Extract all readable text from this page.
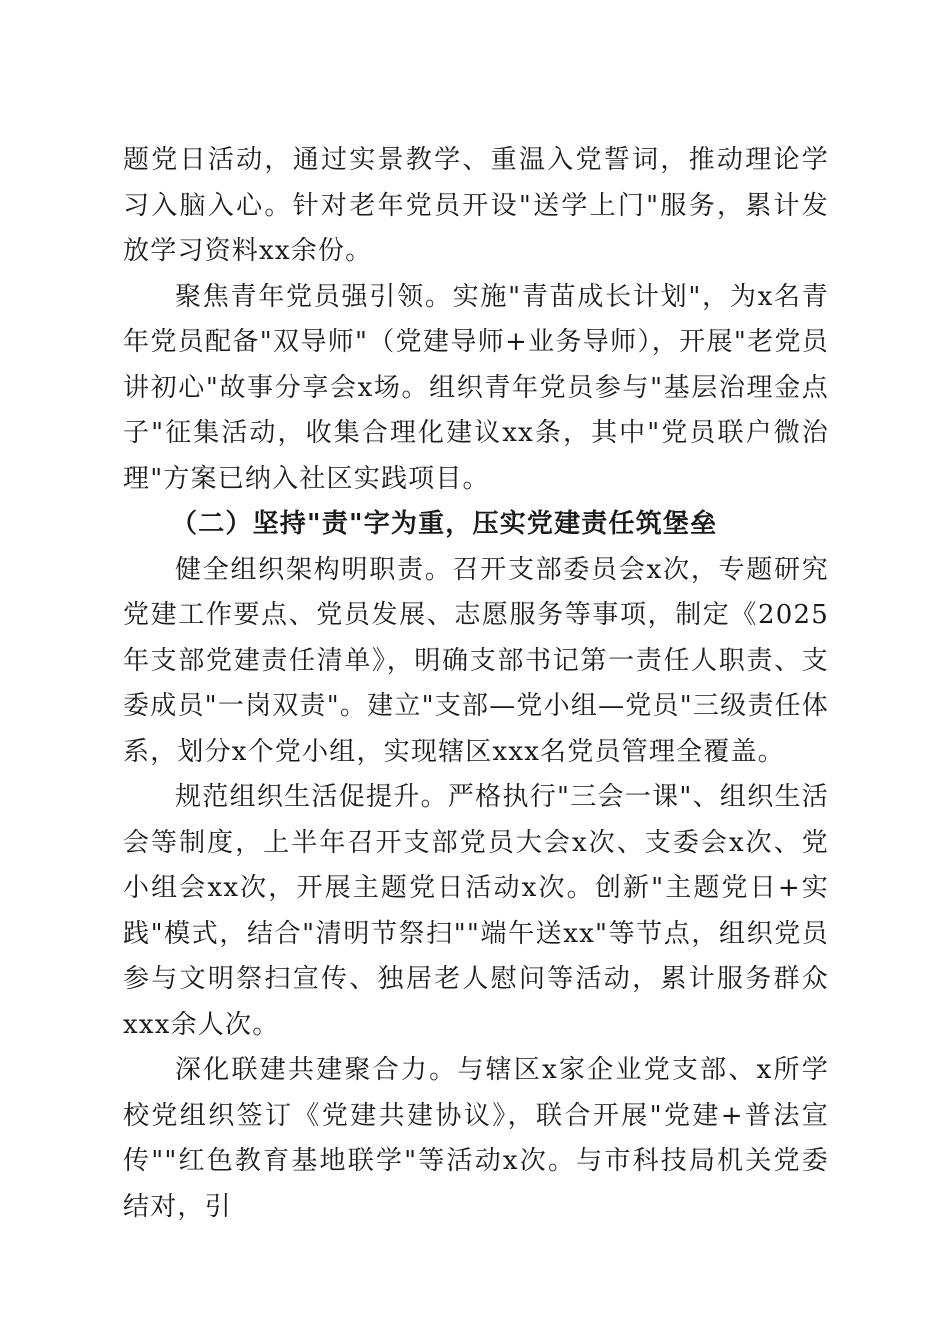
题党日活动，通过实景教学、重温入党誓词，推动理论学习入脑入心。针对老年党员开设"送学上门"服务，累计发放学习资料xx余份。

聚焦青年党员强引领。实施"青苗成长计划"，为x名青年党员配备"双导师"（党建导师+业务导师），开展"老党员讲初心"故事分享会x场。组织青年党员参与"基层治理金点子"征集活动，收集合理化建议xx条，其中"党员联户微治理"方案已纳入社区实践项目。

（二）坚持"责"字为重，压实党建责任筑堡垒

健全组织架构明职责。召开支部委员会x次，专题研究党建工作要点、党员发展、志愿服务等事项，制定《2025年支部党建责任清单》，明确支部书记第一责任人职责、支委成员"一岗双责"。建立"支部—党小组—党员"三级责任体系，划分x个党小组，实现辖区xxx名党员管理全覆盖。

规范组织生活促提升。严格执行"三会一课"、组织生活会等制度，上半年召开支部党员大会x次、支委会x次、党小组会xx次，开展主题党日活动x次。创新"主题党日+实践"模式，结合"清明节祭扫""端午送xx"等节点，组织党员参与文明祭扫宣传、独居老人慰问等活动，累计服务群众xxx余人次。

深化联建共建聚合力。与辖区x家企业党支部、x所学校党组织签订《党建共建协议》，联合开展"党建+普法宣传""红色教育基地联学"等活动x次。与市科技局机关党委结对，引
